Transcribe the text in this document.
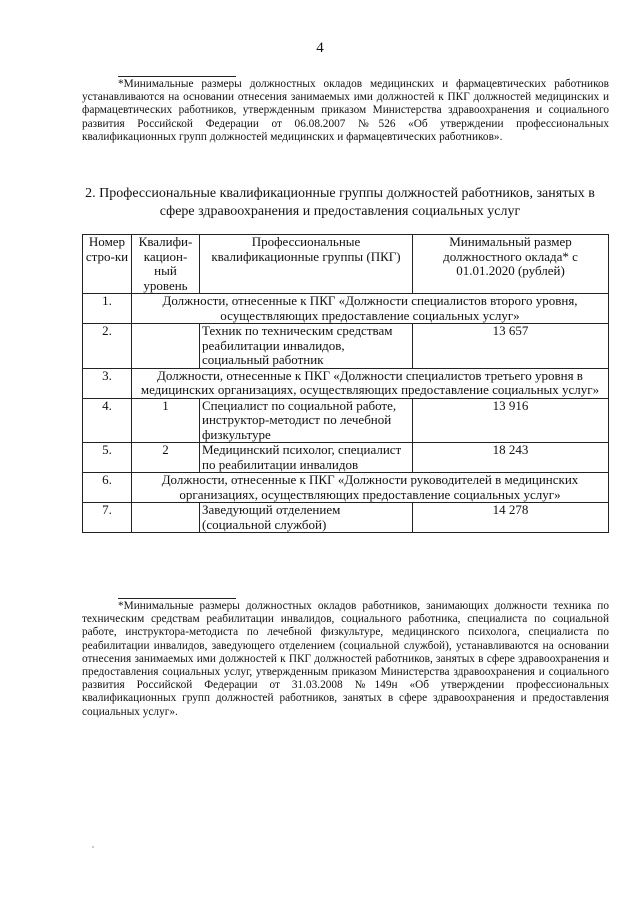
4
*Минимальные размеры должностных окладов медицинских и фармацевтических работников устанавливаются на основании отнесения занимаемых ими должностей к ПКГ должностей медицинских и фармацевтических работников, утвержденным приказом Министерства здравоохранения и социального развития Российской Федерации от 06.08.2007 №526 «Об утверждении профессиональных квалификационных групп должностей медицинских и фармацевтических работников».
2. Профессиональные квалификационные группы должностей работников, занятых в сфере здравоохранения и предоставления социальных услуг
Номер стро-ки	Квалифи-кацион-ный уровень	Профессиональные квалификационные группы (ПКГ)	Минимальный размер должностного оклада* с 01.01.2020 (рублей)
1.	Должности, отнесенные к ПКГ «Должности специалистов второго уровня, осуществляющих предоставление социальных услуг»		
2.		Техник по техническим средствам реабилитации инвалидов, социальный работник	13 657
3.	Должности, отнесенные к ПКГ «Должности специалистов третьего уровня в медицинских организациях, осуществляющих предоставление социальных услуг»		
4.	1	Специалист по социальной работе, инструктор-методист по лечебной физкультуре	13 916
5.	2	Медицинский психолог, специалист по реабилитации инвалидов	18 243
6.	Должности, отнесенные к ПКГ «Должности руководителей в медицинских организациях, осуществляющих предоставление социальных услуг»		
7.		Заведующий отделением (социальной службой)	14 278
*Минимальные размеры должностных окладов работников, занимающих должности техника по техническим средствам реабилитации инвалидов, социального работника, специалиста по социальной работе, инструктора-методиста по лечебной физкультуре, медицинского психолога, специалиста по реабилитации инвалидов, заведующего отделением (социальной службой), устанавливаются на основании отнесения занимаемых ими должностей к ПКГ должностей работников, занятых в сфере здравоохранения и предоставления социальных услуг, утвержденным приказом Министерства здравоохранения и социального развития Российской Федерации от 31.03.2008 №149н «Об утверждении профессиональных квалификационных групп должностей работников, занятых в сфере здравоохранения и предоставления социальных услуг».
